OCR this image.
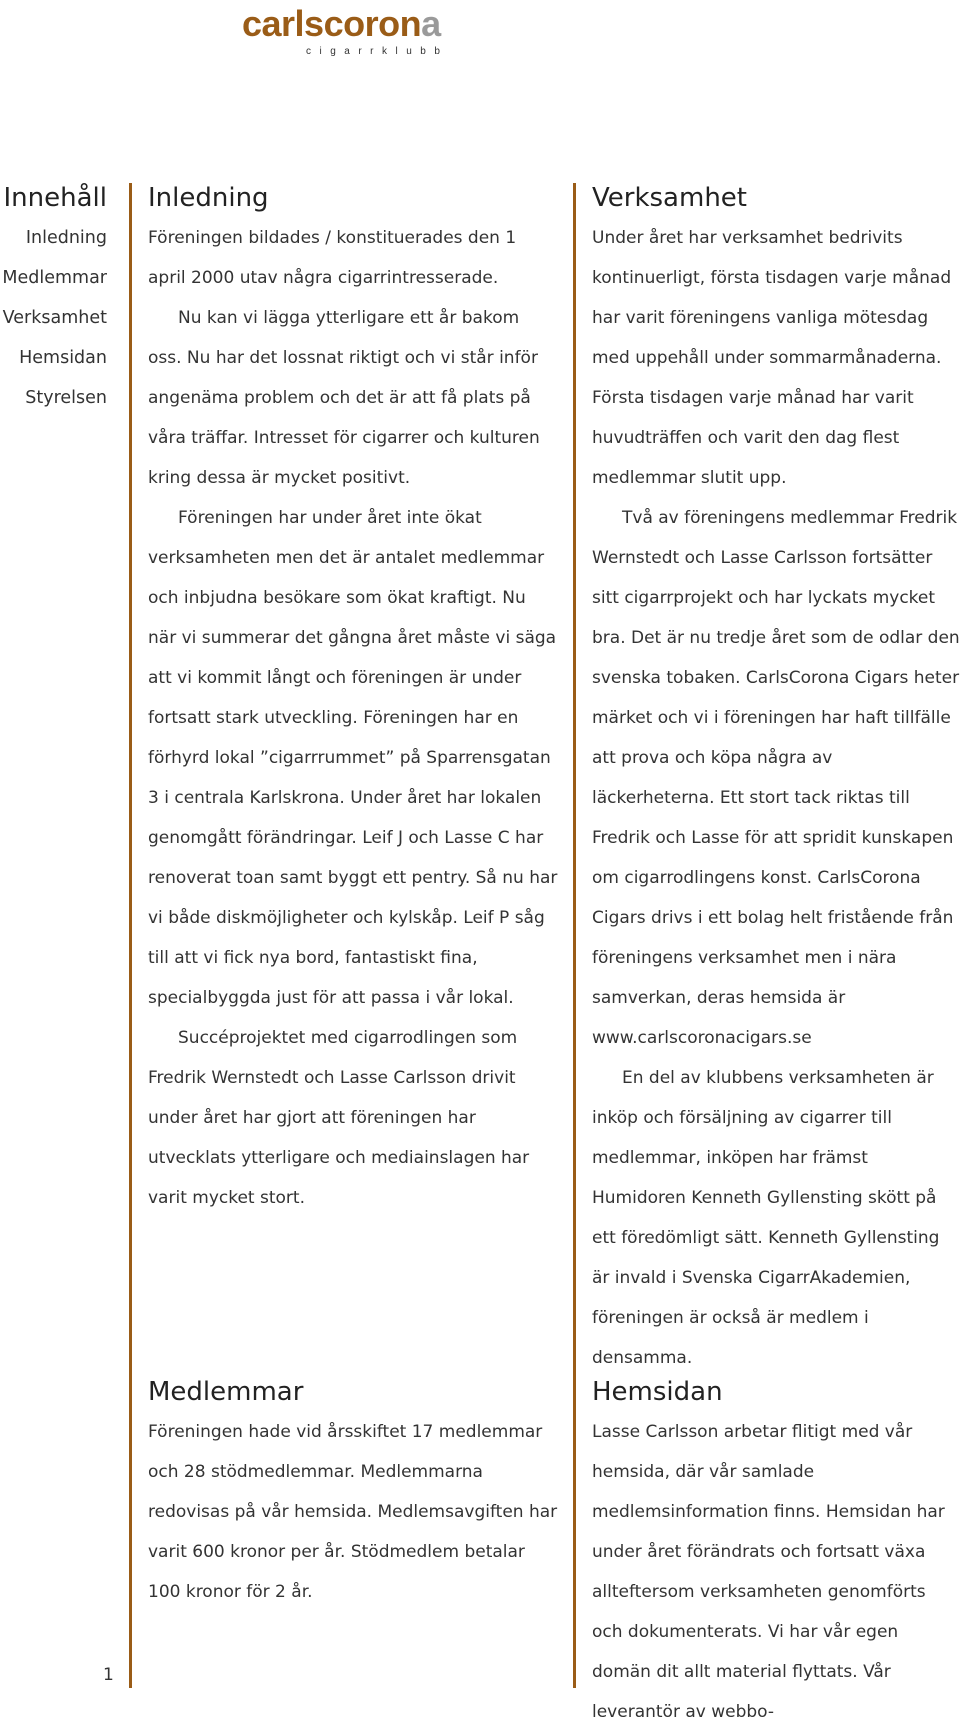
carlscorona
cigarrklubb
Innehåll
Inledning
Medlemmar
Verksamhet
Hemsidan
Styrelsen
Inledning

Föreningen bildades / konstituerades den 1 april 2000 utav några cigarrintresserade.

Nu kan vi lägga ytterligare ett år bakom oss. Nu har det lossnat riktigt och vi står inför angenäma problem och det är att få plats på våra träffar. Intresset för cigarrer och kulturen kring dessa är mycket positivt.

Föreningen har under året inte ökat verksamheten men det är antalet medlemmar och inbjudna besökare som ökat kraftigt. Nu när vi summerar det gångna året måste vi säga att vi kommit långt och föreningen är under fortsatt stark utveckling. Föreningen har en förhyrd lokal ”cigarrrummet” på Sparrensgatan 3 i centrala Karlskrona. Under året har lokalen genomgått förändringar. Leif J och Lasse C har renoverat toan samt byggt ett pentry. Så nu har vi både diskmöjligheter och kylskåp. Leif P såg till att vi fick nya bord, fantastiskt fina, specialbyggda just för att passa i vår lokal.

Succéprojektet med cigarrodlingen som Fredrik Wernstedt och Lasse Carlsson drivit under året har gjort att föreningen har utvecklats ytterligare och mediainslagen har varit mycket stort.

Medlemmar

Föreningen hade vid årsskiftet 17 medlemmar och 28 stödmedlemmar. Medlemmarna redovisas på vår hemsida. Medlemsavgiften har varit 600 kronor per år. Stödmedlem betalar 100 kronor för 2 år.

Verksamhet

Under året har verksamhet bedrivits kontinuerligt, första tisdagen varje månad har varit föreningens vanliga mötesdag med uppehåll under sommarmånaderna. Första tisdagen varje månad har varit huvudträffen och varit den dag flest medlemmar slutit upp.

Två av föreningens medlemmar Fredrik Wernstedt och Lasse Carlsson fortsätter sitt cigarrprojekt och har lyckats mycket bra. Det är nu tredje året som de odlar den svenska tobaken. CarlsCorona Cigars heter märket och vi i föreningen har haft tillfälle att prova och köpa några av läckerheterna. Ett stort tack riktas till Fredrik och Lasse för att spridit kunskapen om cigarrodlingens konst. CarlsCorona Cigars drivs i ett bolag helt fristående från föreningens verksamhet men i nära samverkan, deras hemsida är www.carlscoronacigars.se

En del av klubbens verksamheten är inköp och försäljning av cigarrer till medlemmar, inköpen har främst Humidoren Kenneth Gyllensting skött på ett föredömligt sätt. Kenneth Gyllensting är invald i Svenska CigarrAkademien, föreningen är också är medlem i densamma.

Hemsidan

Lasse Carlsson arbetar flitigt med vår hemsida, där vår samlade medlemsinformation finns. Hemsidan har under året förändrats och fortsatt växa allteftersom verksamheten genomförts och dokumenterats. Vi har vår egen domän dit allt material flyttats. Vår leverantör av webbo-

1
